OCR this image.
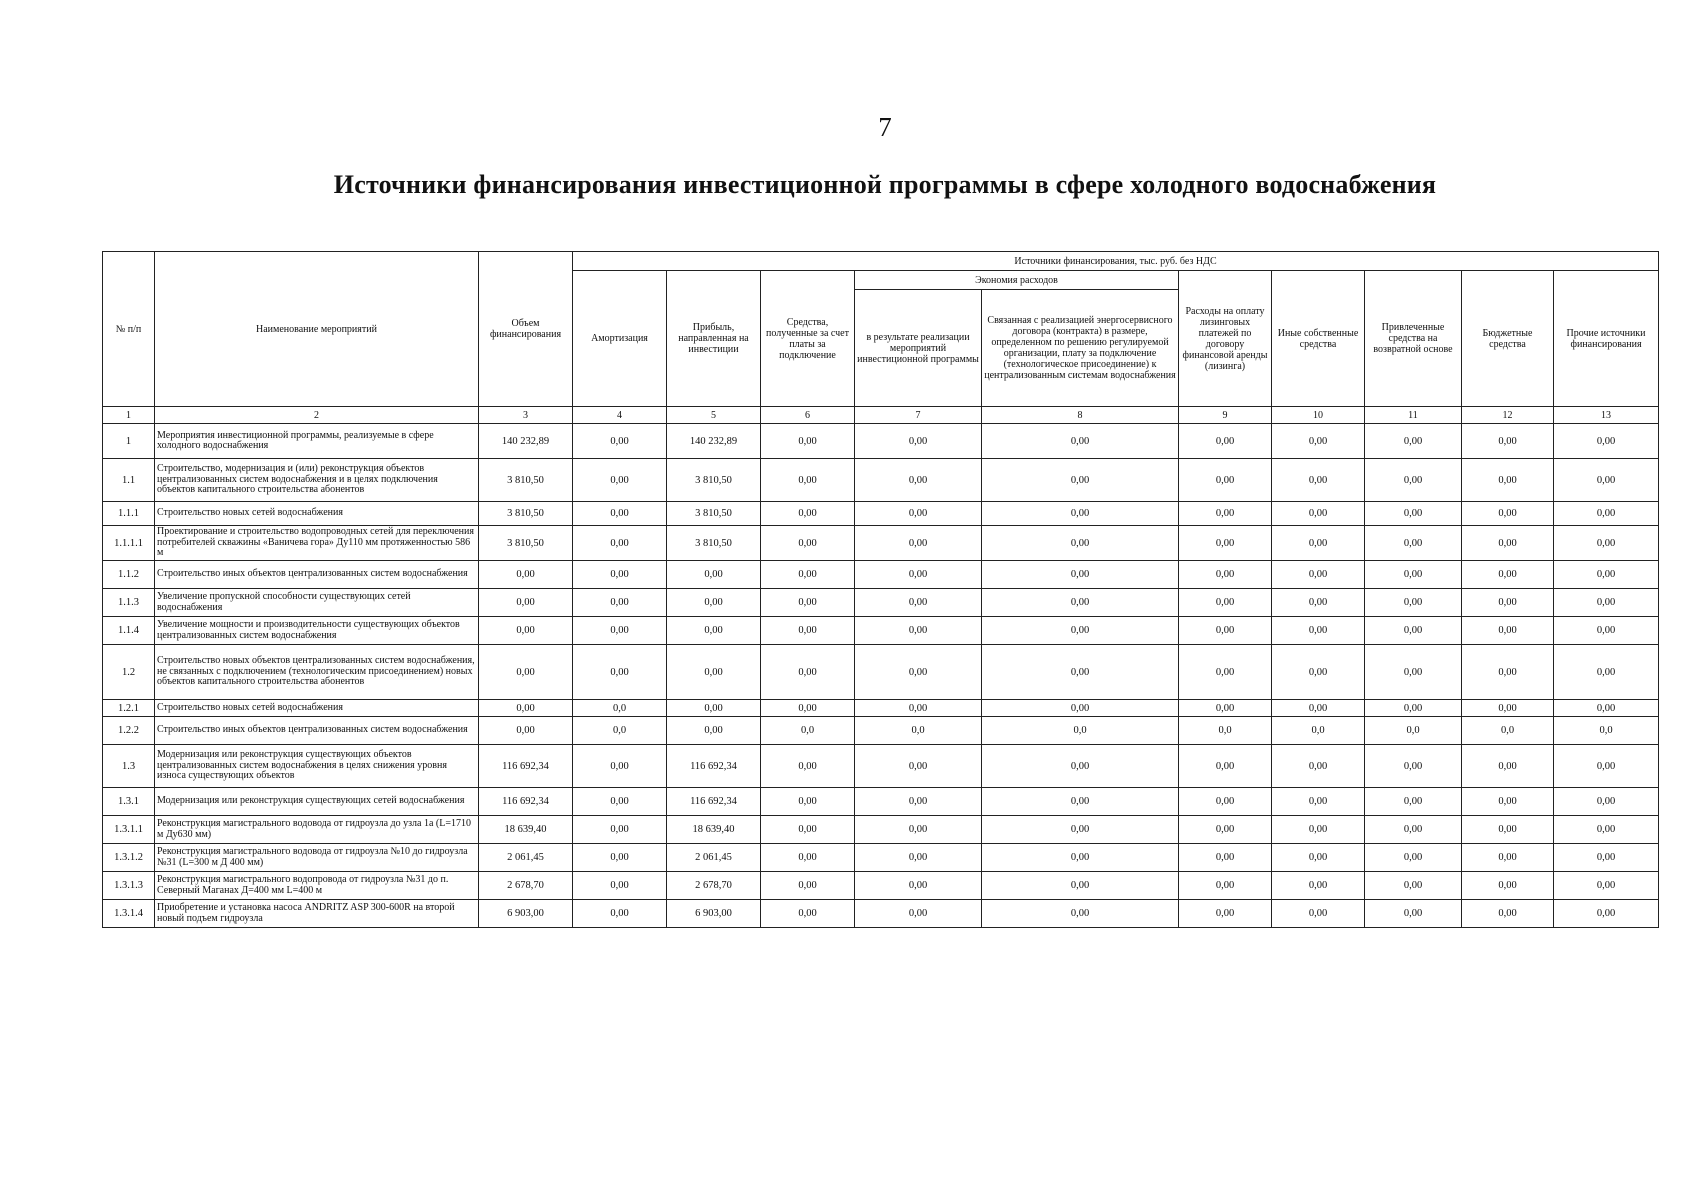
7
Источники финансирования инвестиционной программы в сфере холодного водоснабжения
№ п/п	Наименование мероприятий	Объем финансирования	Источники финансирования, тыс. руб. без НДС									
			Амортизация	Прибыль, направленная на инвестиции	Средства, полученные за счет платы за подключение	Экономия расходов		Расходы на оплату лизинговых платежей по договору финансовой аренды (лизинга)	Иные собственные средства	Привлеченные средства на возвратной основе	Бюджетные средства	Прочие источники финансирования
						в результате реализации мероприятий инвестиционной программы	Связанная с реализацией энергосервисного договора (контракта) в размере, определенном по решению регулируемой организации, плату за подключение (технологическое присоединение) к централизованным системам водоснабжения					
1	2	3	4	5	6	7	8	9	10	11	12	13
1	Мероприятия инвестиционной программы, реализуемые в сфере холодного водоснабжения	140 232,89	0,00	140 232,89	0,00	0,00	0,00	0,00	0,00	0,00	0,00	0,00
1.1	Строительство, модернизация и (или) реконструкция объектов централизованных систем водоснабжения и в целях подключения объектов капитального строительства абонентов	3 810,50	0,00	3 810,50	0,00	0,00	0,00	0,00	0,00	0,00	0,00	0,00
1.1.1	Строительство новых сетей водоснабжения	3 810,50	0,00	3 810,50	0,00	0,00	0,00	0,00	0,00	0,00	0,00	0,00
1.1.1.1	Проектирование и строительство водопроводных сетей для переключения потребителей скважины «Ваничева гора» Ду110 мм протяженностью 586 м	3 810,50	0,00	3 810,50	0,00	0,00	0,00	0,00	0,00	0,00	0,00	0,00
1.1.2	Строительство иных объектов централизованных систем водоснабжения	0,00	0,00	0,00	0,00	0,00	0,00	0,00	0,00	0,00	0,00	0,00
1.1.3	Увеличение пропускной способности существующих сетей водоснабжения	0,00	0,00	0,00	0,00	0,00	0,00	0,00	0,00	0,00	0,00	0,00
1.1.4	Увеличение мощности и производительности существующих объектов централизованных систем водоснабжения	0,00	0,00	0,00	0,00	0,00	0,00	0,00	0,00	0,00	0,00	0,00
1.2	Строительство новых объектов централизованных систем водоснабжения, не связанных с подключением (технологическим присоединением) новых объектов капитального строительства абонентов	0,00	0,00	0,00	0,00	0,00	0,00	0,00	0,00	0,00	0,00	0,00
1.2.1	Строительство новых сетей водоснабжения	0,00	0,0	0,00	0,00	0,00	0,00	0,00	0,00	0,00	0,00	0,00
1.2.2	Строительство иных объектов централизованных систем водоснабжения	0,00	0,0	0,00	0,0	0,0	0,0	0,0	0,0	0,0	0,0	0,0
1.3	Модернизация или реконструкция существующих объектов централизованных систем водоснабжения в целях снижения уровня износа существующих объектов	116 692,34	0,00	116 692,34	0,00	0,00	0,00	0,00	0,00	0,00	0,00	0,00
1.3.1	Модернизация или реконструкция существующих сетей водоснабжения	116 692,34	0,00	116 692,34	0,00	0,00	0,00	0,00	0,00	0,00	0,00	0,00
1.3.1.1	Реконструкция магистрального водовода от гидроузла до узла 1а (L=1710 м Ду630 мм)	18 639,40	0,00	18 639,40	0,00	0,00	0,00	0,00	0,00	0,00	0,00	0,00
1.3.1.2	Реконструкция магистрального водовода от гидроузла №10 до гидроузла №31 (L=300 м Д 400 мм)	2 061,45	0,00	2 061,45	0,00	0,00	0,00	0,00	0,00	0,00	0,00	0,00
1.3.1.3	Реконструкция магистрального водопровода от гидроузла №31 до п. Северный Маганах Д=400 мм L=400 м	2 678,70	0,00	2 678,70	0,00	0,00	0,00	0,00	0,00	0,00	0,00	0,00
1.3.1.4	Приобретение и установка насоса ANDRITZ ASP 300-600R на второй новый подъем гидроузла	6 903,00	0,00	6 903,00	0,00	0,00	0,00	0,00	0,00	0,00	0,00	0,00
